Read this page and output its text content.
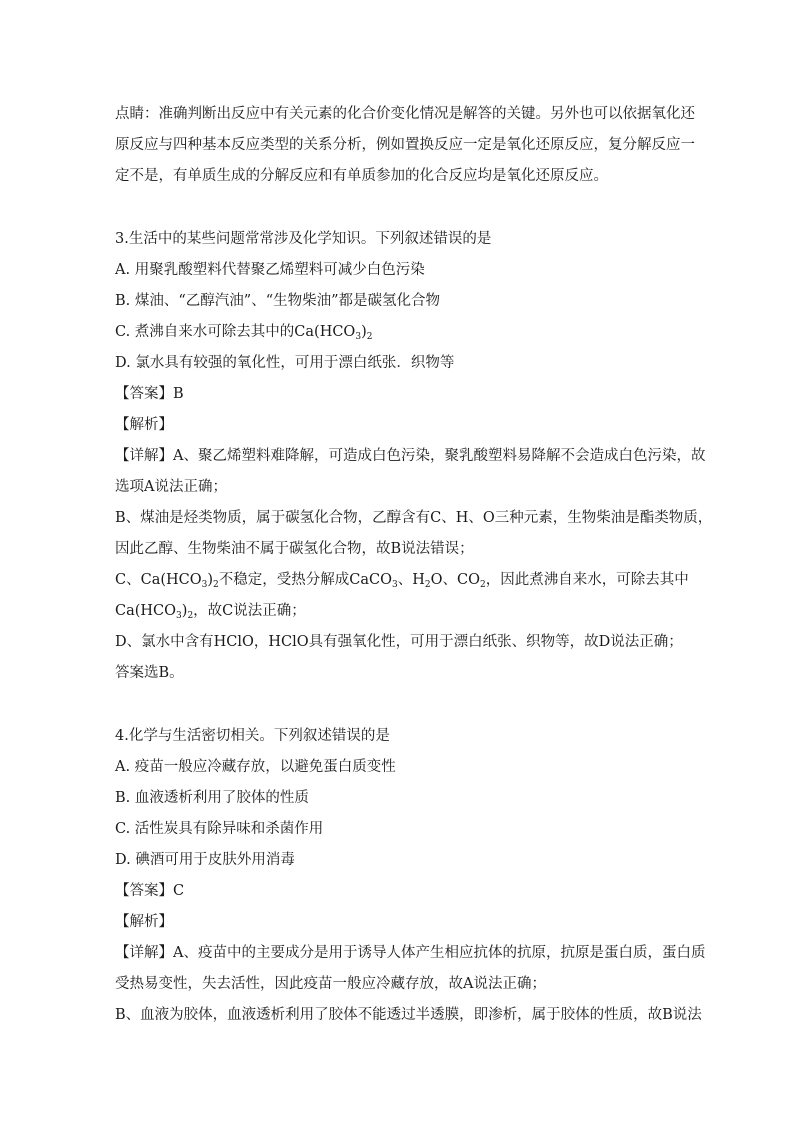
点睛：准确判断出反应中有关元素的化合价变化情况是解答的关键。另外也可以依据氧化还
原反应与四种基本反应类型的关系分析，例如置换反应一定是氧化还原反应，复分解反应一
定不是，有单质生成的分解反应和有单质参加的化合反应均是氧化还原反应。
3.生活中的某些问题常常涉及化学知识。下列叙述错误的是
A. 用聚乳酸塑料代替聚乙烯塑料可减少白色污染
B. 煤油、“乙醇汽油”、“生物柴油”都是碳氢化合物
C. 煮沸自来水可除去其中的$Ca(HCO_3)_2$
D. 氯水具有较强的氧化性，可用于漂白纸张．织物等
【答案】B
【解析】
【详解】A、聚乙烯塑料难降解，可造成白色污染，聚乳酸塑料易降解不会造成白色污染，故
选项A说法正确；
B、煤油是烃类物质，属于碳氢化合物，乙醇含有C、H、O三种元素，生物柴油是酯类物质，
因此乙醇、生物柴油不属于碳氢化合物，故B说法错误；
C、$Ca(HCO_3)_2$不稳定，受热分解成CaCO$_3$、$H_2O$、$CO_2$，因此煮沸自来水，可除去其中
$Ca(HCO_3)_2$，故C说法正确；
D、氯水中含有HClO，HClO具有强氧化性，可用于漂白纸张、织物等，故D说法正确；
答案选B。
4.化学与生活密切相关。下列叙述错误的是
A. 疫苗一般应冷藏存放，以避免蛋白质变性
B. 血液透析利用了胶体的性质
C. 活性炭具有除异味和杀菌作用
D. 碘酒可用于皮肤外用消毒
【答案】C
【解析】
【详解】A、疫苗中的主要成分是用于诱导人体产生相应抗体的抗原，抗原是蛋白质，蛋白质
受热易变性，失去活性，因此疫苗一般应冷藏存放，故A说法正确；
B、血液为胶体，血液透析利用了胶体不能透过半透膜，即渗析，属于胶体的性质，故B说法
